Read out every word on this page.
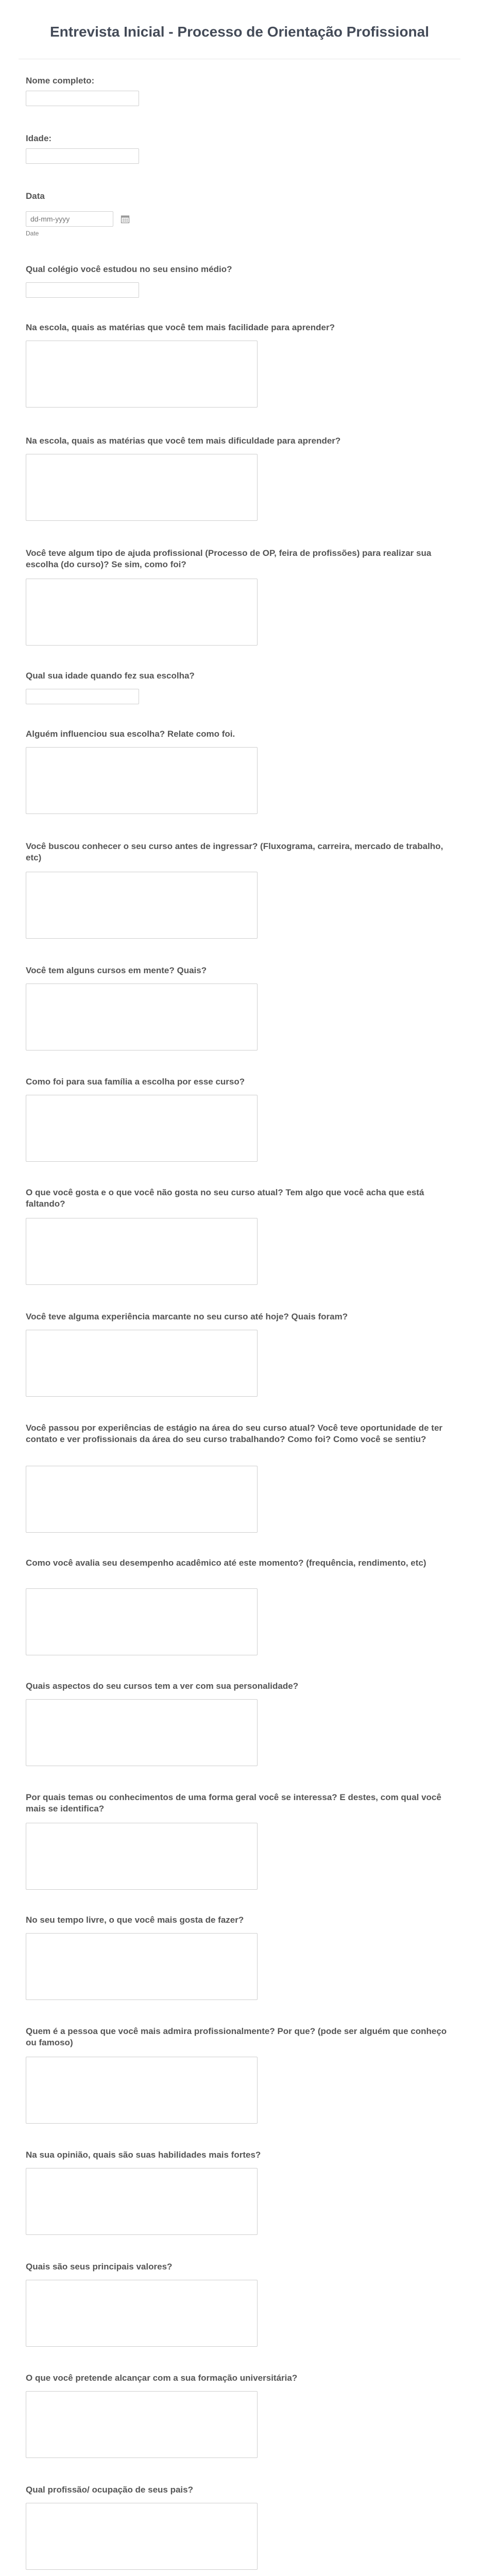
Entrevista Inicial - Processo de Orientação Profissional
Nome completo:
Idade:
Data
dd-mm-yyyy
Date
Qual colégio você estudou no seu ensino médio?
Na escola, quais as matérias que você tem mais facilidade para aprender?
Na escola, quais as matérias que você tem mais dificuldade para aprender?
Você teve algum tipo de ajuda profissional (Processo de OP, feira de profissões) para realizar sua escolha (do curso)? Se sim, como foi?
Qual sua idade quando fez sua escolha?
Alguém influenciou sua escolha? Relate como foi.
Você buscou conhecer o seu curso antes de ingressar? (Fluxograma, carreira, mercado de trabalho, etc)
Você tem alguns cursos em mente? Quais?
Como foi para sua família a escolha por esse curso?
O que você gosta e o que você não gosta no seu curso atual? Tem algo que você acha que está faltando?
Você teve alguma experiência marcante no seu curso até hoje? Quais foram?
Você passou por experiências de estágio na área do seu curso atual? Você teve oportunidade de ter contato e ver profissionais da área do seu curso trabalhando? Como foi? Como você se sentiu?
Como você avalia seu desempenho acadêmico até este momento? (frequência, rendimento, etc)
Quais aspectos do seu cursos tem a ver com sua personalidade?
Por quais temas ou conhecimentos de uma forma geral você se interessa? E destes, com qual você mais se identifica?
No seu tempo livre, o que você mais gosta de fazer?
Quem é a pessoa que você mais admira profissionalmente? Por que? (pode ser alguém que conheço ou famoso)
Na sua opinião, quais são suas habilidades mais fortes?
Quais são seus principais valores?
O que você pretende alcançar com a sua formação universitária?
Qual profissão/ ocupação de seus pais?
